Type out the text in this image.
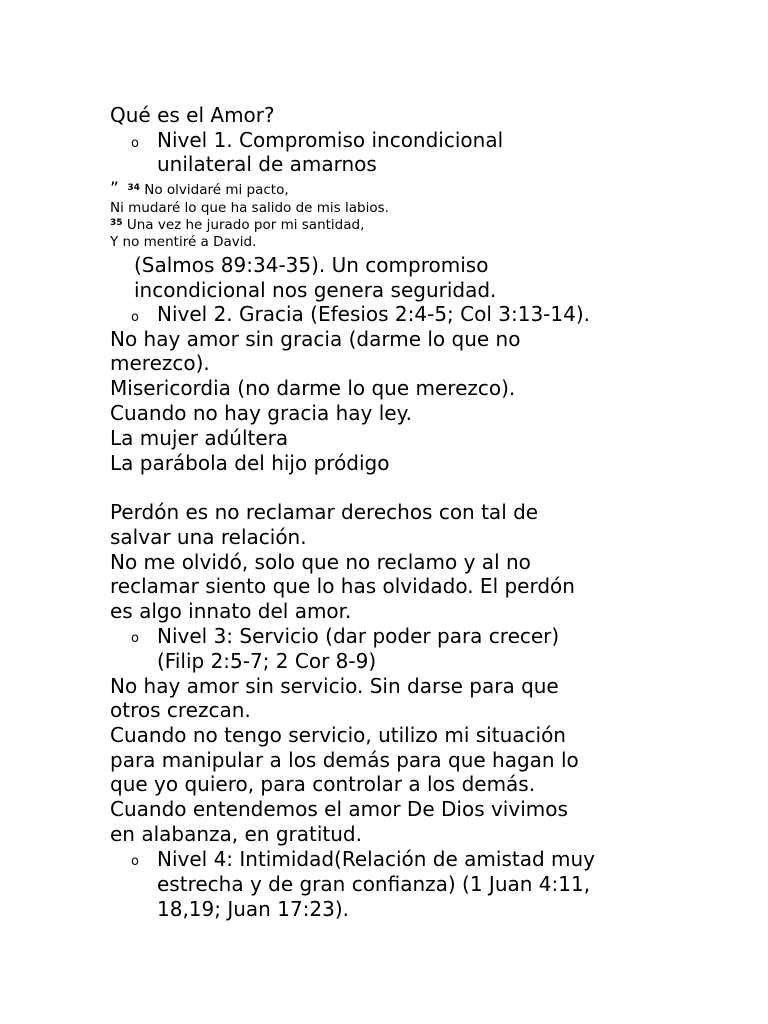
Qué es el Amor?
o Nivel 1. Compromiso incondicional
unilateral de amarnos
” $^{34}$ No olvidaré mi pacto,
Ni mudaré lo que ha salido de mis labios.
$^{35}$ Una vez he jurado por mi santidad,
Y no mentiré a David.
(Salmos 89:34-35). Un compromiso
incondicional nos genera seguridad.
o Nivel 2. Gracia (Efesios 2:4-5; Col 3:13-14).
No hay amor sin gracia (darme lo que no
merezco).
Misericordia (no darme lo que merezco).
Cuando no hay gracia hay ley.
La mujer adúltera
La parábola del hijo pródigo
Perdón es no reclamar derechos con tal de
salvar una relación.
No me olvidó, solo que no reclamo y al no
reclamar siento que lo has olvidado. El perdón
es algo innato del amor.
o Nivel 3: Servicio (dar poder para crecer)
(Filip 2:5-7; 2 Cor 8-9)
No hay amor sin servicio. Sin darse para que
otros crezcan.
Cuando no tengo servicio, utilizo mi situación
para manipular a los demás para que hagan lo
que yo quiero, para controlar a los demás.
Cuando entendemos el amor De Dios vivimos
en alabanza, en gratitud.
o Nivel 4: Intimidad(Relación de amistad muy
estrecha y de gran confianza) (1 Juan 4:11,
18,19; Juan 17:23).
